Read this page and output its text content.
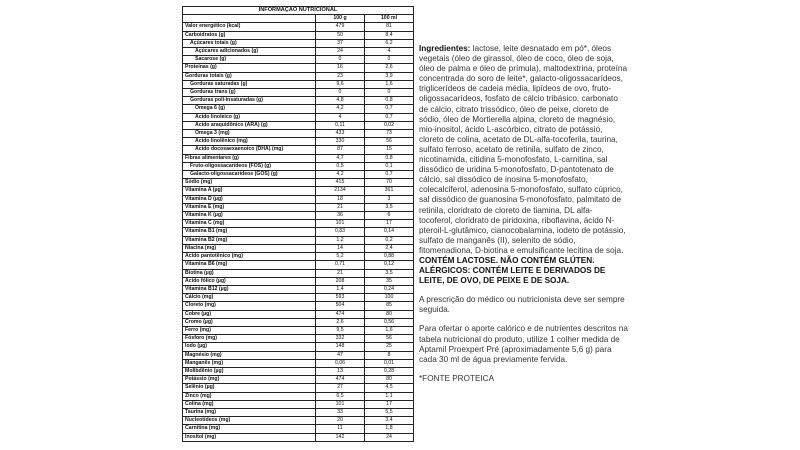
INFORMAÇÃO NUTRICIONAL		
	100 g	100 ml
Valor energético (kcal)	479	81
Carboidratos (g)	50	8,4
Açúcares totais (g)	37	6,2
Açúcares adicionados (g)	24	4
Sacarose (g)	0	0
Proteínas (g)	16	2,6
Gorduras totais (g)	23	3,9
Gorduras saturadas (g)	9,6	1,6
Gorduras trans (g)	0	0
Gorduras poli-insaturadas (g)	4,8	0,8
Ômega 6 (g)	4,2	0,7
Ácido linoleico (g)	4	0,7
Ácido araquidônico (ARA) (g)	0,11	0,02
Ômega 3 (mg)	433	73
Ácido linolênico (mg)	330	56
Ácido docosaexaenoico (DHA) (mg)	87	15
Fibras alimentares (g)	4,7	0,8
Fruto-oligossacarídeos (FOS) (g)	0,5	0,1
Galacto-oligossacarídeos (GOS) (g)	4,2	0,7
Sódio (mg)	415	70
Vitamina A (µg)	2134	361
Vitamina D (µg)	18	3
Vitamina E (mg)	21	3,5
Vitamina K (µg)	36	6
Vitamina C (mg)	101	17
Vitamina B1 (mg)	0,83	0,14
Vitamina B2 (mg)	1,2	0,2
Niacina (mg)	14	2,4
Ácido pantotênico (mg)	5,2	0,88
Vitamina B6 (mg)	0,71	0,12
Biotina (µg)	21	3,5
Ácido fólico (µg)	208	35
Vitamina B12 (µg)	1,4	0,24
Cálcio (mg)	593	100
Cloreto (mg)	504	85
Cobre (µg)	474	80
Cromo (µg)	2,6	0,56
Ferro (mg)	9,5	1,6
Fósforo (mg)	332	56
Iodo (µg)	148	25
Magnésio (mg)	47	8
Manganês (mg)	0,06	0,01
Molibdênio (µg)	13	0,28
Potássio (mg)	474	80
Selênio (µg)	27	4,5
Zinco (mg)	6,5	1,1
Colina (mg)	101	17
Taurina (mg)	33	5,5
Nucleotídeos (mg)	20	3,4
Carnitina (mg)	11	1,8
Inositol (mg)	142	24

Ingredientes: lactose, leite desnatado em pó*, óleos vegetais (óleo de girassol, óleo de coco, óleo de soja, óleo de palma e óleo de prímula), maltodextrina, proteína concentrada do soro de leite*, galacto-oligossacarídeos, triglicerídeos de cadeia média, lipídeos de ovo, fruto-oligossacarídeos, fosfato de cálcio tribásico, carbonato de cálcio, citrato trissódico, óleo de peixe, cloreto de sódio, óleo de Mortierella alpina, cloreto de magnésio, mio-inositol, ácido L-ascórbico, citrato de potássio, cloreto de colina, acetato de DL-alfa-tocoferila, taurina, sulfato ferroso, acetato de retinila, sulfato de zinco, nicotinamida, citidina 5-monofosfato, L-carnitina, sal dissódico de uridina 5-monofosfato, D-pantotenato de cálcio, sal dissódico de inosina 5-monofosfato, colecalciferol, adenosina 5-monofosfato, sulfato cúprico, sal dissódico de guanosina 5-monofosfato, palmitato de retinila, cloridrato de cloreto de tiamina, DL alfa- tocoferol, cloridrato de piridoxina, riboflavina, ácido N-pteroil-L-glutâmico, cianocobalamina, iodeto de potássio, sulfato de manganês (II), selenito de sódio, fitomenadiona, D-biotina e emulsificante lecitina de soja. CONTÉM LACTOSE. NÃO CONTÉM GLÚTEN. ALÉRGICOS: CONTÉM LEITE E DERIVADOS DE LEITE, DE OVO, DE PEIXE E DE SOJA.

A prescrição do médico ou nutricionista deve ser sempre seguida.

Para ofertar o aporte calórico e de nutrientes descritos na tabela nutricional do produto, utilize 1 colher medida de Aptamil Proexpert Pré (aproximadamente 5,6 g) para cada 30 ml de água previamente fervida.

*FONTE PROTEICA
